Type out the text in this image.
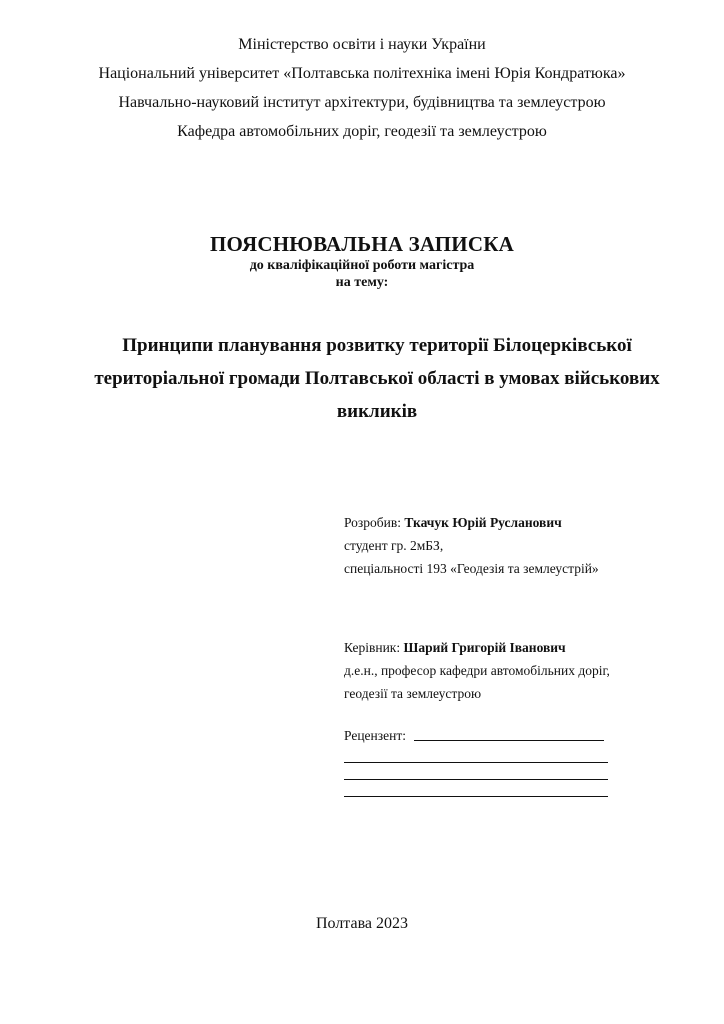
Міністерство освіти і науки України
Національний університет «Полтавська політехніка імені Юрія Кондратюка»
Навчально-науковий інститут архітектури, будівництва та землеустрою
Кафедра автомобільних доріг, геодезії та землеустрою
ПОЯСНЮВАЛЬНА ЗАПИСКА
до кваліфікаційної роботи магістра
на тему:
Принципи планування розвитку території Білоцерківської
територіальної громади Полтавської області в умовах військових
викликів
Розробив: Ткачук Юрій Русланович
студент гр. 2мБЗ,
спеціальності 193 «Геодезія та землеустрій»
Керівник: Шарий Григорій Іванович
д.е.н., професор кафедри автомобільних доріг,
геодезії та землеустрою
Рецензент:
Полтава 2023
